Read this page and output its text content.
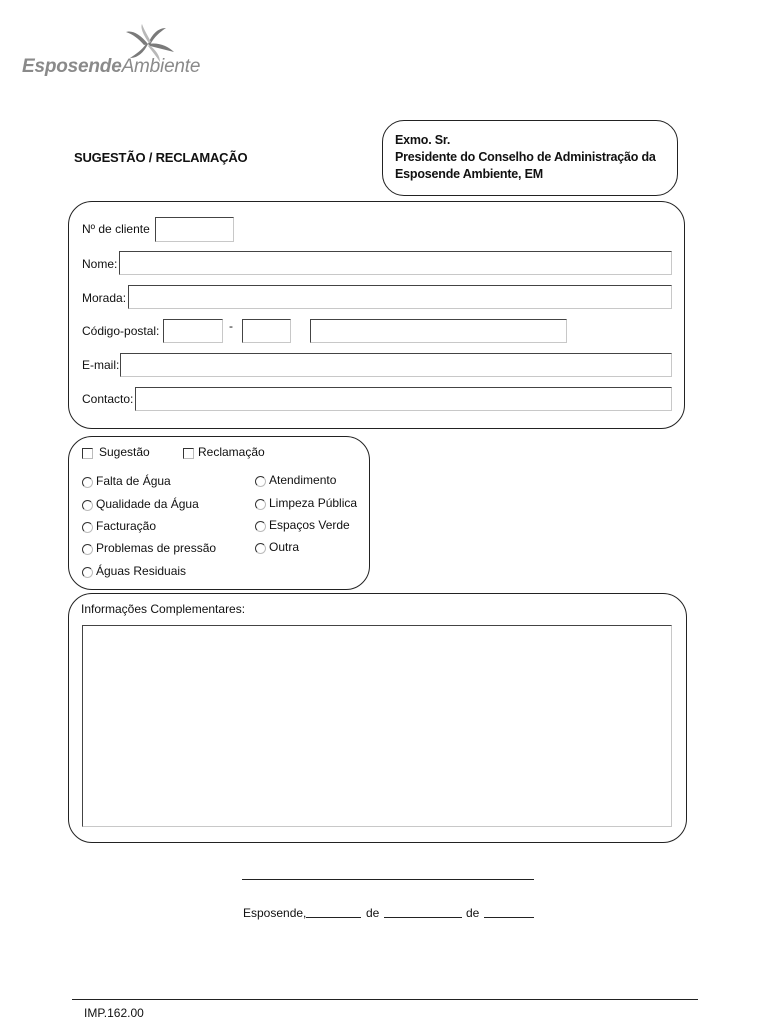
EsposendeAmbiente
SUGESTÃO / RECLAMAÇÃO
Exmo. Sr.
Presidente do Conselho de Administração da
Esposende Ambiente, EM
Nº de cliente
Nome:
Morada:
Código-postal:	-
E-mail:
Contacto:
Sugestão	Reclamação
Falta de Água
Qualidade da Água
Facturação
Problemas de pressão
Águas Residuais
Atendimento
Limpeza Pública
Espaços Verde
Outra
Informações Complementares:
Esposende,	de	de
IMP.162.00
